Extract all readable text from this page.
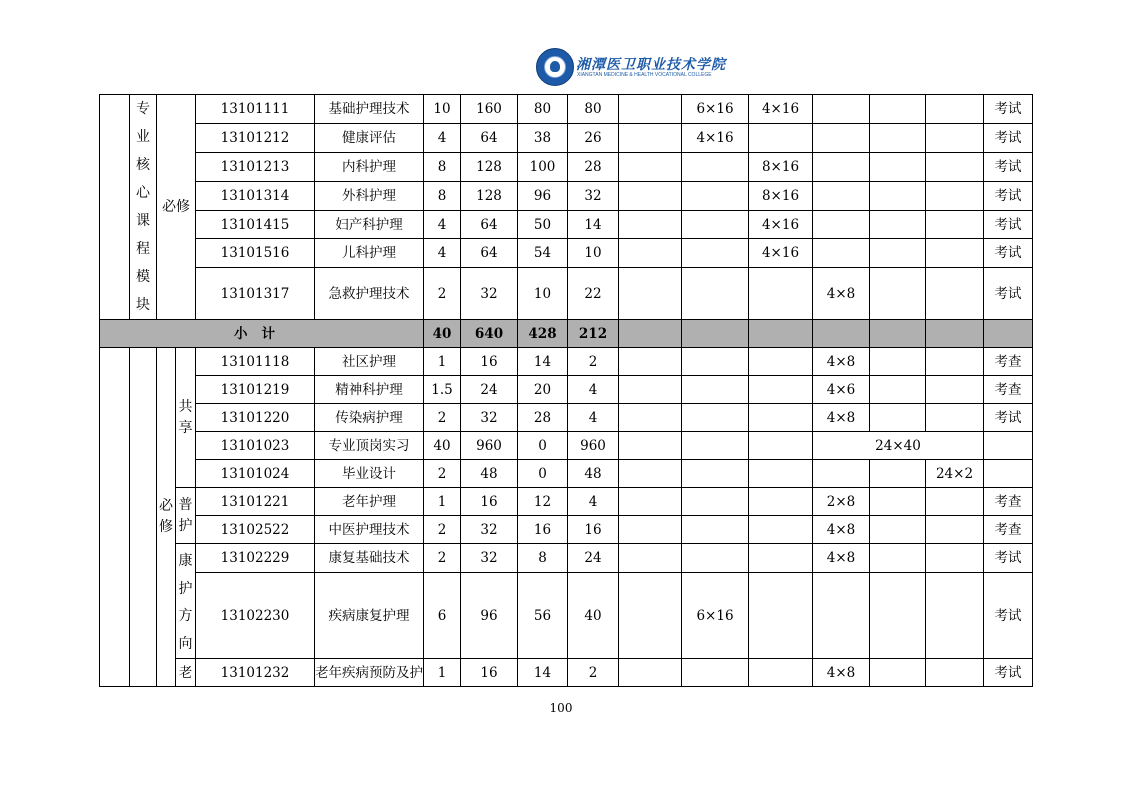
湘潭医卫职业技术学院
XIANGTAN MEDICINE & HEALTH VOCATIONAL COLLEGE
	专业核心课程模块	必修		13101111	基础护理技术	10	160	80	80		6×16	4×16				考试
				13101212	健康评估	4	64	38	26		4×16					考试
				13101213	内科护理	8	128	100	28			8×16				考试
				13101314	外科护理	8	128	96	32			8×16				考试
				13101415	妇产科护理	4	64	50	14			4×16				考试
				13101516	儿科护理	4	64	54	10			4×16				考试
				13101317	急救护理技术	2	32	10	22				4×8			考试
小计						40	640	428	212							

		必修	共享	13101118	社区护理	1	16	14	2				4×8			考查
				13101219	精神科护理	1.5	24	20	4				4×6			考查
				13101220	传染病护理	2	32	28	4				4×8			考试
				13101023	专业顶岗实习	40	960	0	960				24×40			
				13101024	毕业设计	2	48	0	48						24×2	

			普护	13101221	老年护理	1	16	12	4				2×8			考查
				13102522	中医护理技术	2	32	16	16				4×8			考查

			康护方向	13102229	康复基础技术	2	32	8	24				4×8			考试
				13102230	疾病康复护理	6	96	56	40		6×16					考试
			老	13101232	老年疾病预防及护	1	16	14	2				4×8			考试
100
